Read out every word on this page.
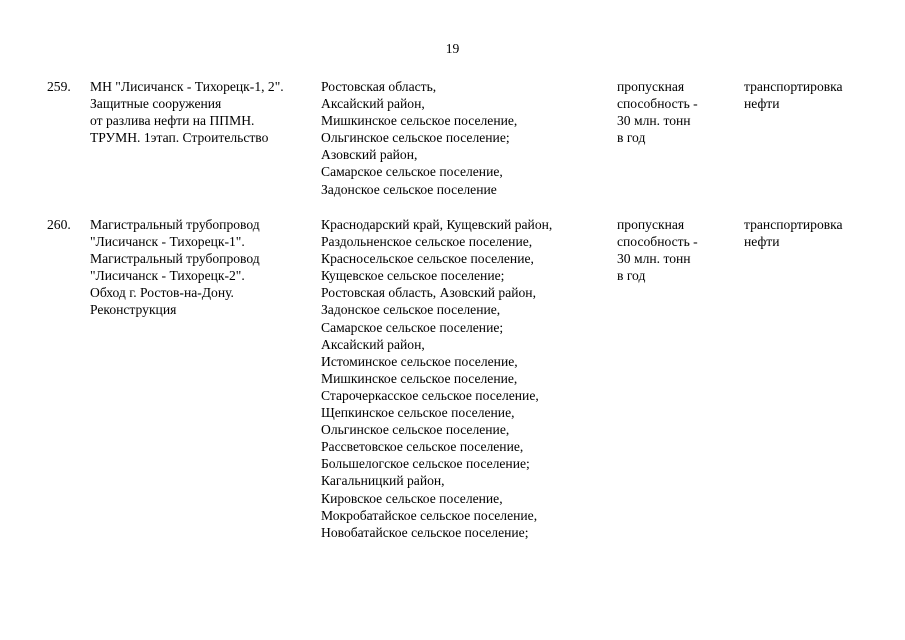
19
259. МН "Лисичанск - Тихорецк-1, 2".
Защитные сооружения
от разлива нефти на ППМН.
ТРУМН. 1этап. Строительство
Ростовская область,
Аксайский район,
Мишкинское сельское поселение,
Ольгинское сельское поселение;
Азовский район,
Самарское сельское поселение,
Задонское сельское поселение
пропускная
способность -
30 млн. тонн
в год
транспортировка
нефти
260. Магистральный трубопровод
"Лисичанск - Тихорецк-1".
Магистральный трубопровод
"Лисичанск - Тихорецк-2".
Обход г. Ростов-на-Дону.
Реконструкция
Краснодарский край, Кущевский район,
Раздольненское сельское поселение,
Красносельское сельское поселение,
Кущевское сельское поселение;
Ростовская область, Азовский район,
Задонское сельское поселение,
Самарское сельское поселение;
Аксайский район,
Истоминское сельское поселение,
Мишкинское сельское поселение,
Старочеркасское сельское поселение,
Щепкинское сельское поселение,
Ольгинское сельское поселение,
Рассветовское сельское поселение,
Большелогское сельское поселение;
Кагальницкий район,
Кировское сельское поселение,
Мокробатайское сельское поселение,
Новобатайское сельское поселение;
пропускная
способность -
30 млн. тонн
в год
транспортировка
нефти
